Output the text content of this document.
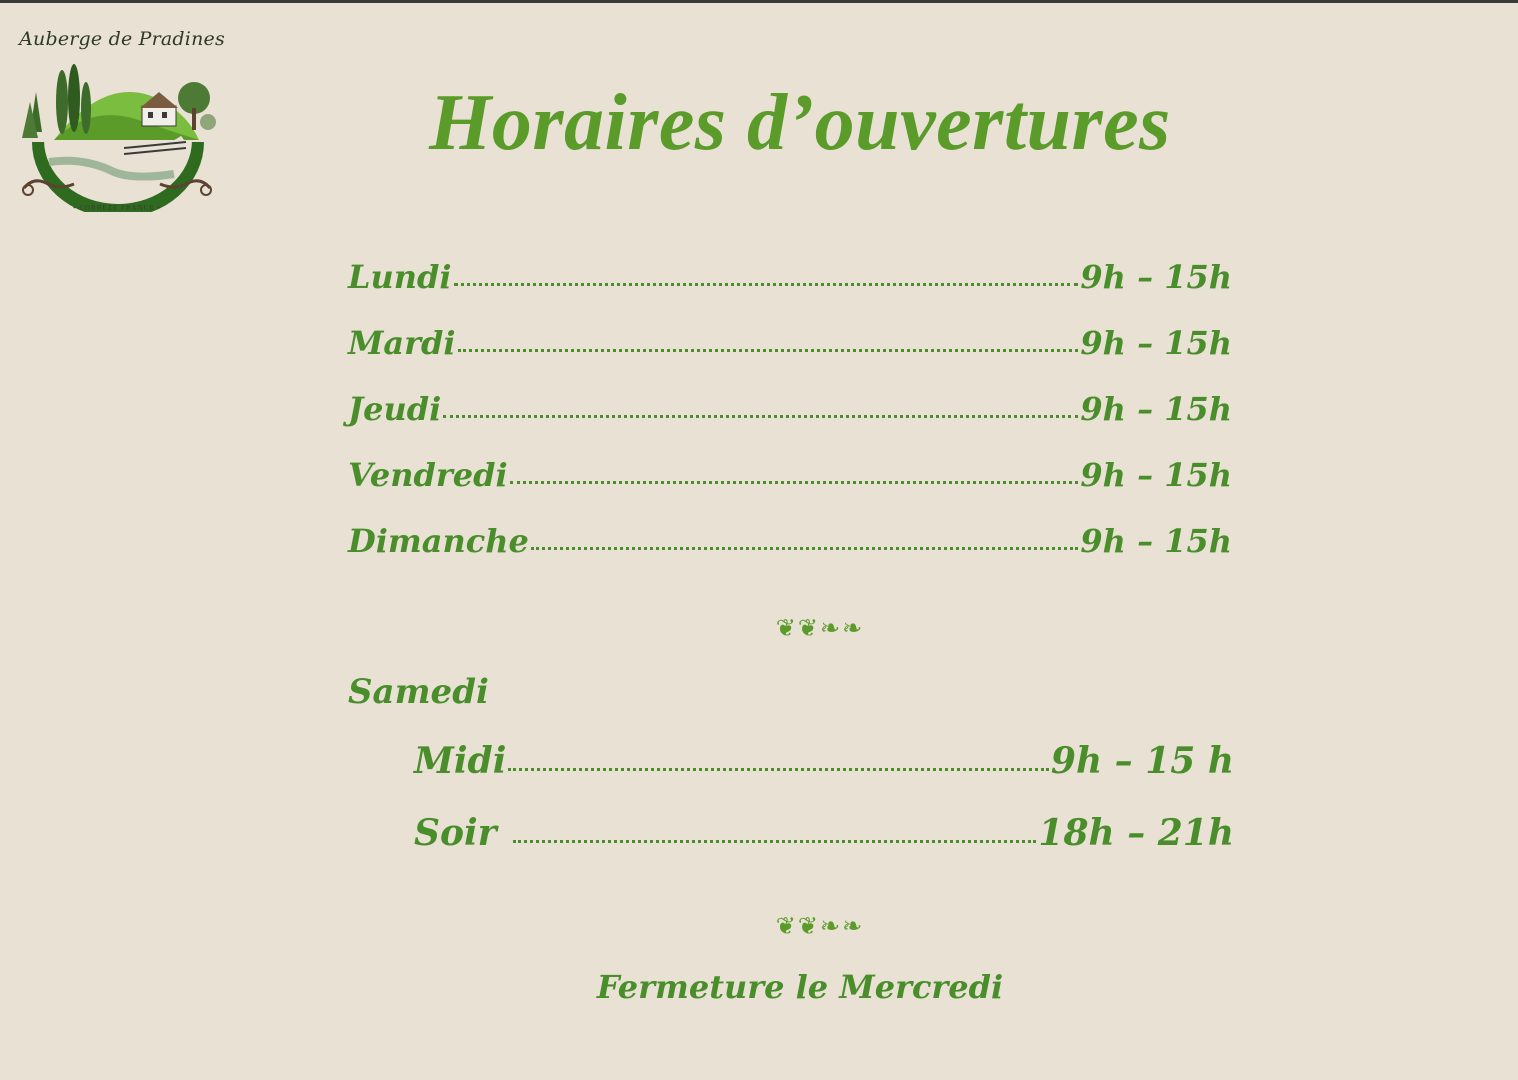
Auberge de Pradines
• CORREZE FRANCE •
Horaires d’ouvertures
Lundi	9h – 15h
Mardi	9h – 15h
Jeudi	9h – 15h
Vendredi	9h – 15h
Dimanche	9h – 15h
❦❦❧❧
Samedi
Midi	9h – 15 h
Soir	18h – 21h
❦❦❧❧
Fermeture le Mercredi
